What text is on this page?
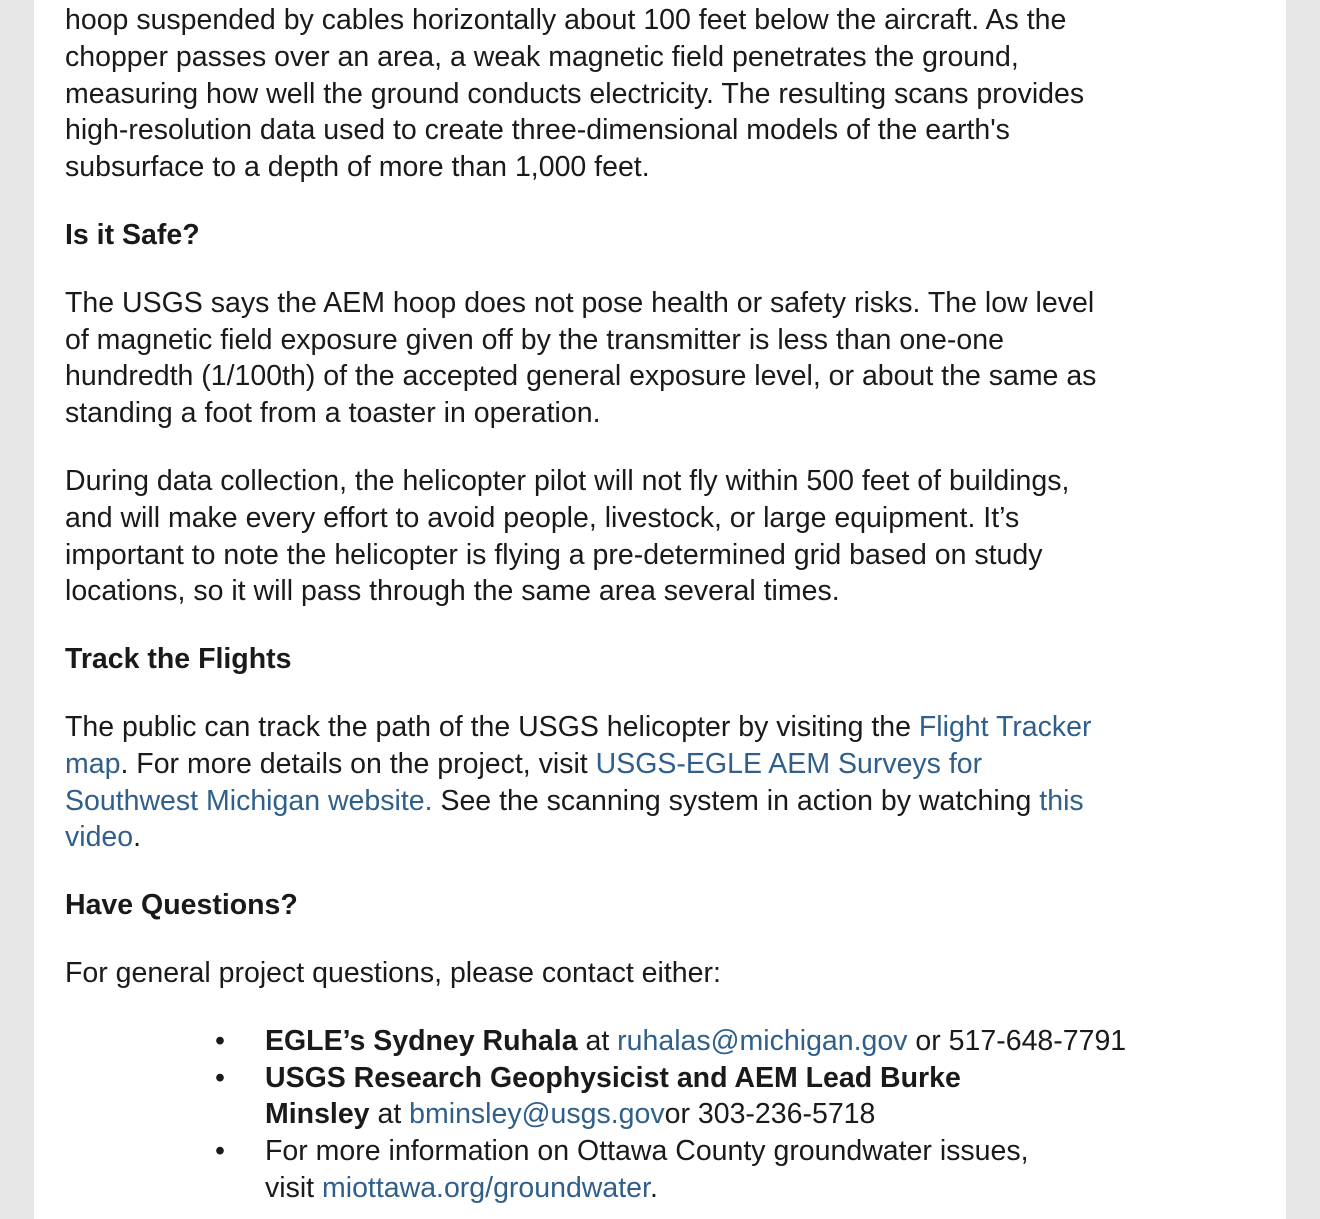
hoop suspended by cables horizontally about 100 feet below the aircraft. As the
chopper passes over an area, a weak magnetic field penetrates the ground,
measuring how well the ground conducts electricity. The resulting scans provides
high-resolution data used to create three-dimensional models of the earth's
subsurface to a depth of more than 1,000 feet.

Is it Safe?

The USGS says the AEM hoop does not pose health or safety risks. The low level
of magnetic field exposure given off by the transmitter is less than one-one
hundredth (1/100th) of the accepted general exposure level, or about the same as
standing a foot from a toaster in operation.

During data collection, the helicopter pilot will not fly within 500 feet of buildings,
and will make every effort to avoid people, livestock, or large equipment. It’s
important to note the helicopter is flying a pre-determined grid based on study
locations, so it will pass through the same area several times.

Track the Flights

The public can track the path of the USGS helicopter by visiting the Flight Tracker
map. For more details on the project, visit USGS-EGLE AEM Surveys for
Southwest Michigan website. See the scanning system in action by watching this
video.

Have Questions?

For general project questions, please contact either:

•	EGLE’s Sydney Ruhala at ruhalas@michigan.gov or 517-648-7791
•	USGS Research Geophysicist and AEM Lead Burke
Minsley at bminsley@usgs.govor 303-236-5718
•	For more information on Ottawa County groundwater issues,
visit miottawa.org/groundwater.
